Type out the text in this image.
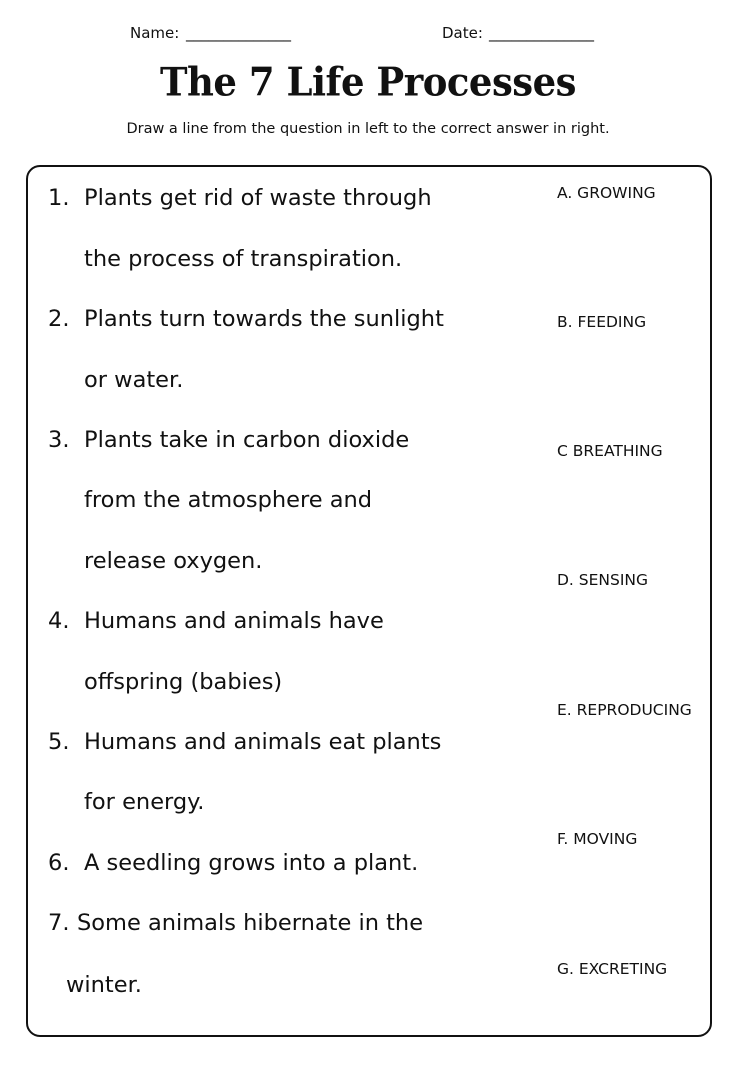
Name: ______________	Date: ______________
The 7 Life Processes
Draw a line from the question in left to the correct answer in right.
1. Plants get rid of waste through
the process of transpiration.
2. Plants turn towards the sunlight
or water.
3. Plants take in carbon dioxide
from the atmosphere and
release oxygen.
4. Humans and animals have
offspring (babies)
5. Humans and animals eat plants
for energy.
6. A seedling grows into a plant.
7. Some animals hibernate in the
winter.
A. GROWING
B. FEEDING
C BREATHING
D. SENSING
E. REPRODUCING
F. MOVING
G. EXCRETING
